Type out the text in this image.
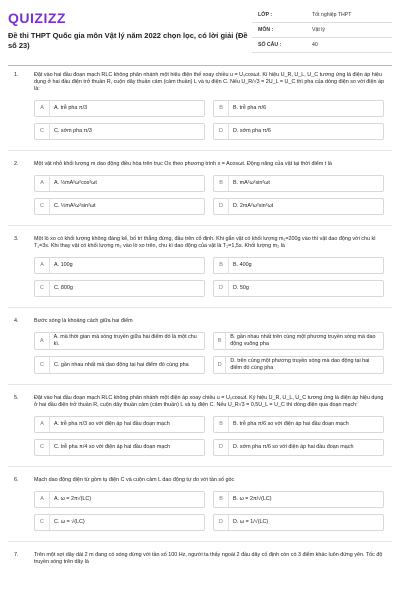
QUIZIZZ
Đề thi THPT Quốc gia môn Vật lý năm 2022 chọn lọc, có lời giải (Đề số 23)
LỚP :	Tốt nghiệp THPT
MÔN :	Vật lý
SỐ CÂU :	40
1.	Đặt vào hai đầu đoạn mạch RLC không phân nhánh một hiệu điện thế xoay chiều u = U₀cosωt. Kí hiệu U_R, U_L, U_C tương ứng là điện áp hiệu dụng ở hai đầu điện trở thuần R, cuộn dây thuần cảm (cảm thuần) L và tụ điện C. Nếu U_R/√3 = 2U_L = U_C thì pha của dòng điện so với điện áp là:
A	A. trễ pha π/3	B	B. trễ pha π/6
C	C. sớm pha π/3	D	D. sớm pha π/6
2.	Một vật nhỏ khối lượng m dao động điều hòa trên trục Ox theo phương trình x = Acosωt. Động năng của vật tại thời điểm t là
A	A. ½mA²ω²cos²ωt	B	B. mA²ω²sin²ωt
C	C. ½mA²ω²sin²ωt	D	D. 2mA²ω²sin²ωt
3.	Một lò xo có khối lượng không đáng kể, bố trí thẳng đứng, đầu trên cố định. Khi gắn vật có khối lượng m₁=200g vào thì vật dao động với chu kì T₁=3s. Khi thay vật có khối lượng m₂ vào lò xo trên, chu kì dao động của vật là T₂=1,5s. Khối lượng m₂ là
A	A. 100g	B	B. 400g
C	C. 800g	D	D. 50g
4.	Bước sóng là khoảng cách giữa hai điểm
A
A. mà thời gian mà sóng truyền giữa hai điểm đó là một chu kì.
B
B. gần nhau nhất trên cùng một phương truyền sóng mà dao động vuông pha
C	C. gần nhau nhất mà dao động tại hai điểm đó cùng pha	D
D. trên cùng một phương truyền sóng mà dao động tại hai điểm đó cùng pha
5.	Đặt vào hai đầu đoạn mạch RLC không phân nhánh một điện áp xoay chiều u = U₀cosωt. Ký hiệu U_R, U_L, U_C tương ứng là điện áp hiệu dụng ở hai đầu điện trở thuần R, cuộn dây thuần cảm (cảm thuần) L và tụ điện C. Nếu U_R√3 = 0,5U_L = U_C thì dòng điện qua đoạn mạch:
A	A. trễ pha π/3 so với điện áp hai đầu đoạn mạch	B	B. trễ pha π/6 so với điện áp hai đầu đoạn mạch
C	C. trễ pha π/4 so với điện áp hai đầu đoạn mạch	D	D. sớm pha π/6 so với điện áp hai đầu đoạn mạch
6.	Mạch dao động điện từ gồm tụ điện C và cuộn cảm L dao động tự do với tần số góc
A	A. ω = 2π√(LC)	B	B. ω = 2π/√(LC)
C	C. ω = √(LC)	D	D. ω = 1/√(LC)
7.	Trên một sợi dây dài 2 m đang có sóng dừng với tần số 100 Hz, người ta thấy ngoài 2 đầu dây cố định còn có 3 điểm khác luôn đứng yên. Tốc độ truyền sóng trên dây là
